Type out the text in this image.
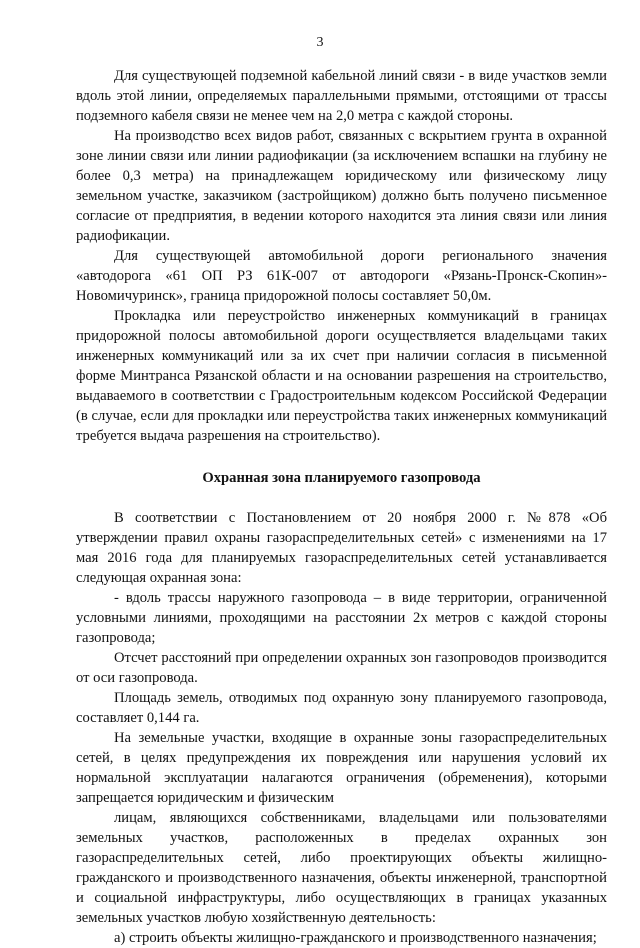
3

Для существующей подземной кабельной линий связи - в виде участков земли вдоль этой линии, определяемых параллельными прямыми, отстоящими от трассы подземного кабеля связи не менее чем на 2,0 метра с каждой стороны.

На производство всех видов работ, связанных с вскрытием грунта в охранной зоне линии связи или линии радиофикации (за исключением вспашки на глубину не более 0,3 метра) на принадлежащем юридическому или физическому лицу земельном участке, заказчиком (застройщиком) должно быть получено письменное согласие от предприятия, в ведении которого находится эта линия связи или линия радиофикации.

Для существующей автомобильной дороги регионального значения «автодорога «61 ОП РЗ 61К-007 от автодороги «Рязань-Пронск-Скопин»-Новомичуринск», граница придорожной полосы составляет 50,0м.

Прокладка или переустройство инженерных коммуникаций в границах придорожной полосы автомобильной дороги осуществляется владельцами таких инженерных коммуникаций или за их счет при наличии согласия в письменной форме Минтранса Рязанской области и на основании разрешения на строительство, выдаваемого в соответствии с Градостроительным кодексом Российской Федерации (в случае, если для прокладки или переустройства таких инженерных коммуникаций требуется выдача разрешения на строительство).

Охранная зона планируемого газопровода

В соответствии с Постановлением от 20 ноября 2000 г. №878 «Об утверждении правил охраны газораспределительных сетей» с изменениями на 17 мая 2016 года для планируемых газораспределительных сетей устанавливается следующая охранная зона:

- вдоль трассы наружного газопровода – в виде территории, ограниченной условными линиями, проходящими на расстоянии 2х метров с каждой стороны газопровода;

Отсчет расстояний при определении охранных зон газопроводов производится от оси газопровода.

Площадь земель, отводимых под охранную зону планируемого газопровода, составляет 0,144 га.

На земельные участки, входящие в охранные зоны газораспределительных сетей, в целях предупреждения их повреждения или нарушения условий их нормальной эксплуатации налагаются ограничения (обременения), которыми запрещается юридическим и физическим

лицам, являющихся собственниками, владельцами или пользователями земельных участков, расположенных в пределах охранных зон газораспределительных сетей, либо проектирующих объекты жилищно-гражданского и производственного назначения, объекты инженерной, транспортной и социальной инфраструктуры, либо осуществляющих в границах указанных земельных участков любую хозяйственную деятельность:

а) строить объекты жилищно-гражданского и производственного назначения;
